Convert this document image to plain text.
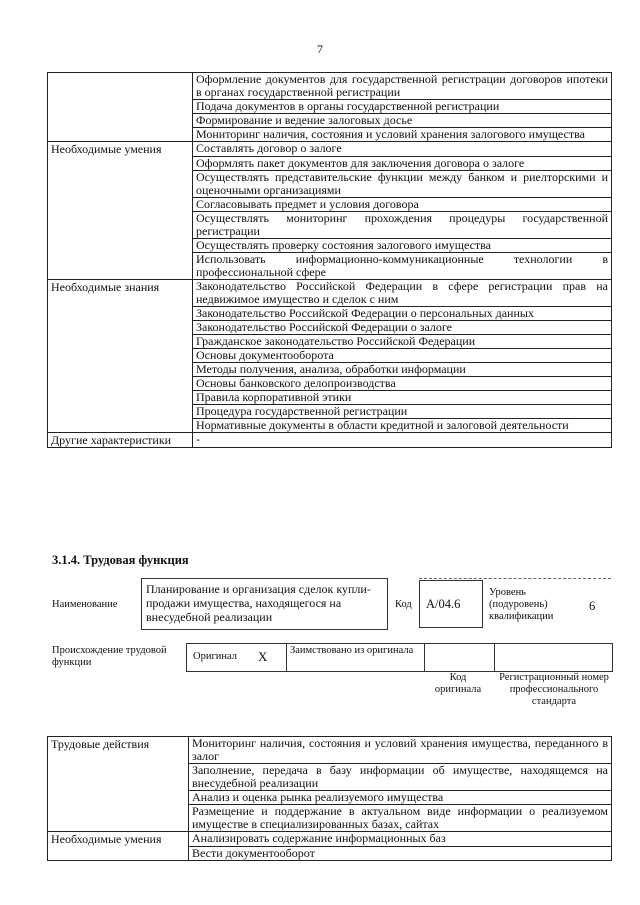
7
	Оформление документов для государственной регистрации договоров ипотеки в органах государственной регистрации
	Подача документов в органы государственной регистрации
	Формирование и ведение залоговых досье
	Мониторинг наличия, состояния и условий хранения залогового имущества
Необходимые умения	Составлять договор о залоге
	Оформлять пакет документов для заключения договора о залоге
	Осуществлять представительские функции между банком и риелторскими и оценочными организациями
	Согласовывать предмет и условия договора
	Осуществлять мониторинг прохождения процедуры государственной регистрации
	Осуществлять проверку состояния залогового имущества
	Использовать информационно-коммуникационные технологии в профессиональной сфере
Необходимые знания	Законодательство Российской Федерации в сфере регистрации прав на недвижимое имущество и сделок с ним
	Законодательство Российской Федерации о персональных данных
	Законодательство Российской Федерации о залоге
	Гражданское законодательство Российской Федерации
	Основы документооборота
	Методы получения, анализа, обработки информации
	Основы банковского делопроизводства
	Правила корпоративной этики
	Процедура государственной регистрации
	Нормативные документы в области кредитной и залоговой деятельности
Другие характеристики	-
3.1.4. Трудовая функция
Наименование
Планирование и организация сделок купли-продажи имущества, находящегося на внесудебной реализации
Код	A/04.6
Уровень (подуровень) квалификации
6
Происхождение трудовой функции
Оригинал X Заимствовано из оригинала
Код оригинала
Регистрационный номер профессионального стандарта
Трудовые действия	Мониторинг наличия, состояния и условий хранения имущества, переданного в залог
	Заполнение, передача в базу информации об имуществе, находящемся на внесудебной реализации
	Анализ и оценка рынка реализуемого имущества
	Размещение и поддержание в актуальном виде информации о реализуемом имуществе в специализированных базах, сайтах
Необходимые умения	Анализировать содержание информационных баз
	Вести документооборот
